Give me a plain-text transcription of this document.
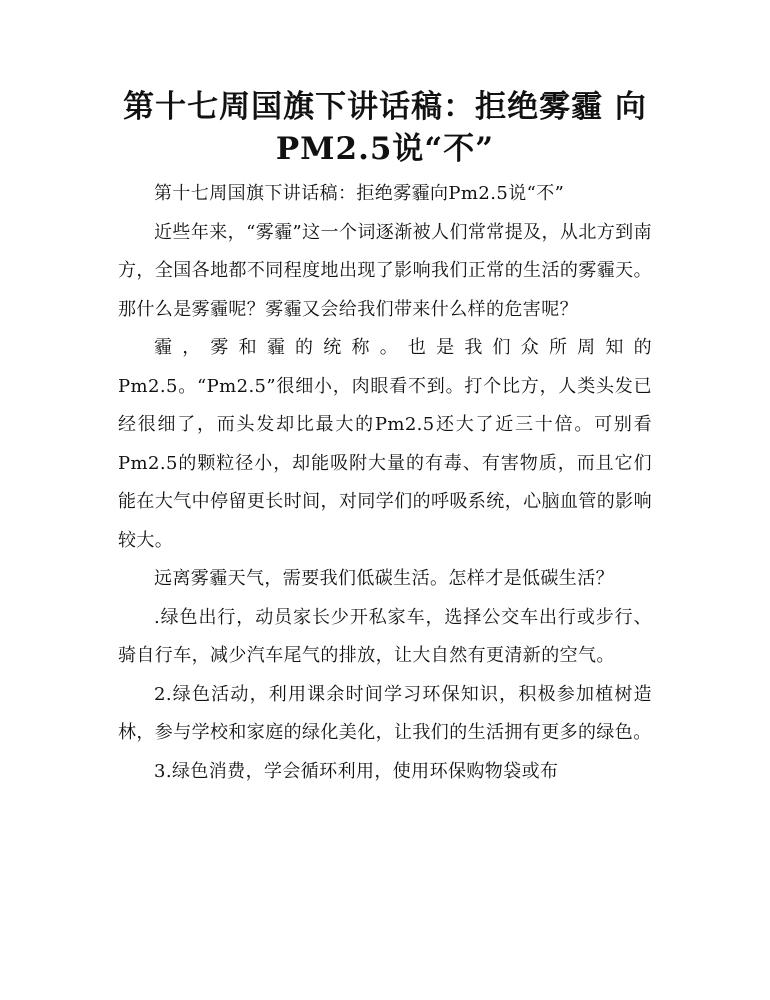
第十七周国旗下讲话稿：拒绝雾霾 向PM2.5说“不”

第十七周国旗下讲话稿：拒绝雾霾向Pm2.5说“不”

近些年来，“雾霾”这一个词逐渐被人们常常提及，从北方到南方，全国各地都不同程度地出现了影响我们正常的生活的雾霾天。那什么是雾霾呢？雾霾又会给我们带来什么样的危害呢？

霾，雾和霾的统称。也是我们众所周知的Pm2.5。“Pm2.5”很细小，肉眼看不到。打个比方，人类头发已经很细了，而头发却比最大的Pm2.5还大了近三十倍。可别看Pm2.5的颗粒径小，却能吸附大量的有毒、有害物质，而且它们能在大气中停留更长时间，对同学们的呼吸系统，心脑血管的影响较大。

远离雾霾天气，需要我们低碳生活。怎样才是低碳生活？

.绿色出行，动员家长少开私家车，选择公交车出行或步行、骑自行车，减少汽车尾气的排放，让大自然有更清新的空气。

2.绿色活动，利用课余时间学习环保知识，积极参加植树造林，参与学校和家庭的绿化美化，让我们的生活拥有更多的绿色。

3.绿色消费，学会循环利用，使用环保购物袋或布
